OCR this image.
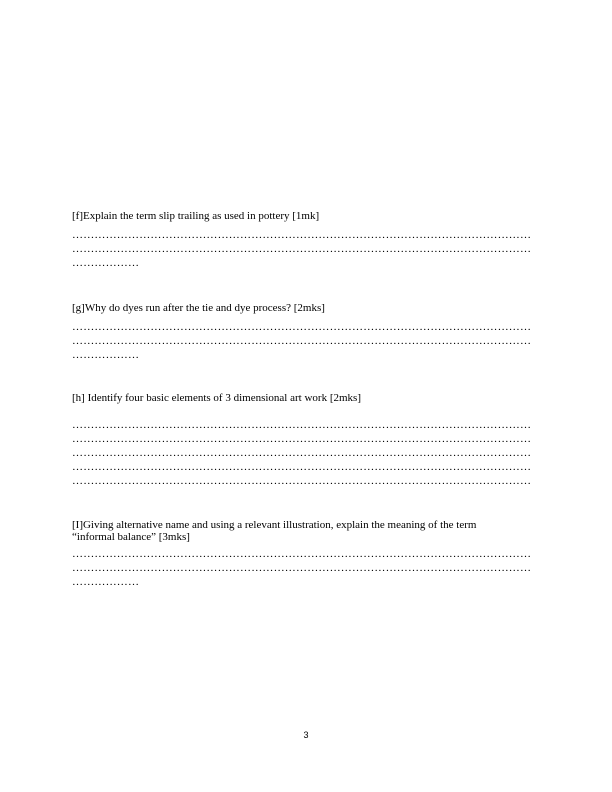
[f]Explain the term slip trailing as used in pottery [1mk]

……………………………………………………………………………………………………………
……………………………………………………………………………………………………………
………………

[g]Why do dyes run after the tie and dye process? [2mks]

……………………………………………………………………………………………………………
……………………………………………………………………………………………………………
………………

[h] Identify four basic elements of 3 dimensional art work [2mks]

……………………………………………………………………………………………………………
……………………………………………………………………………………………………………
……………………………………………………………………………………………………………
……………………………………………………………………………………………………………
……………………………………………………………………………………………………………

[I]Giving alternative name and using a relevant illustration, explain the meaning of the term
“informal balance” [3mks]

……………………………………………………………………………………………………………
……………………………………………………………………………………………………………
………………
3
